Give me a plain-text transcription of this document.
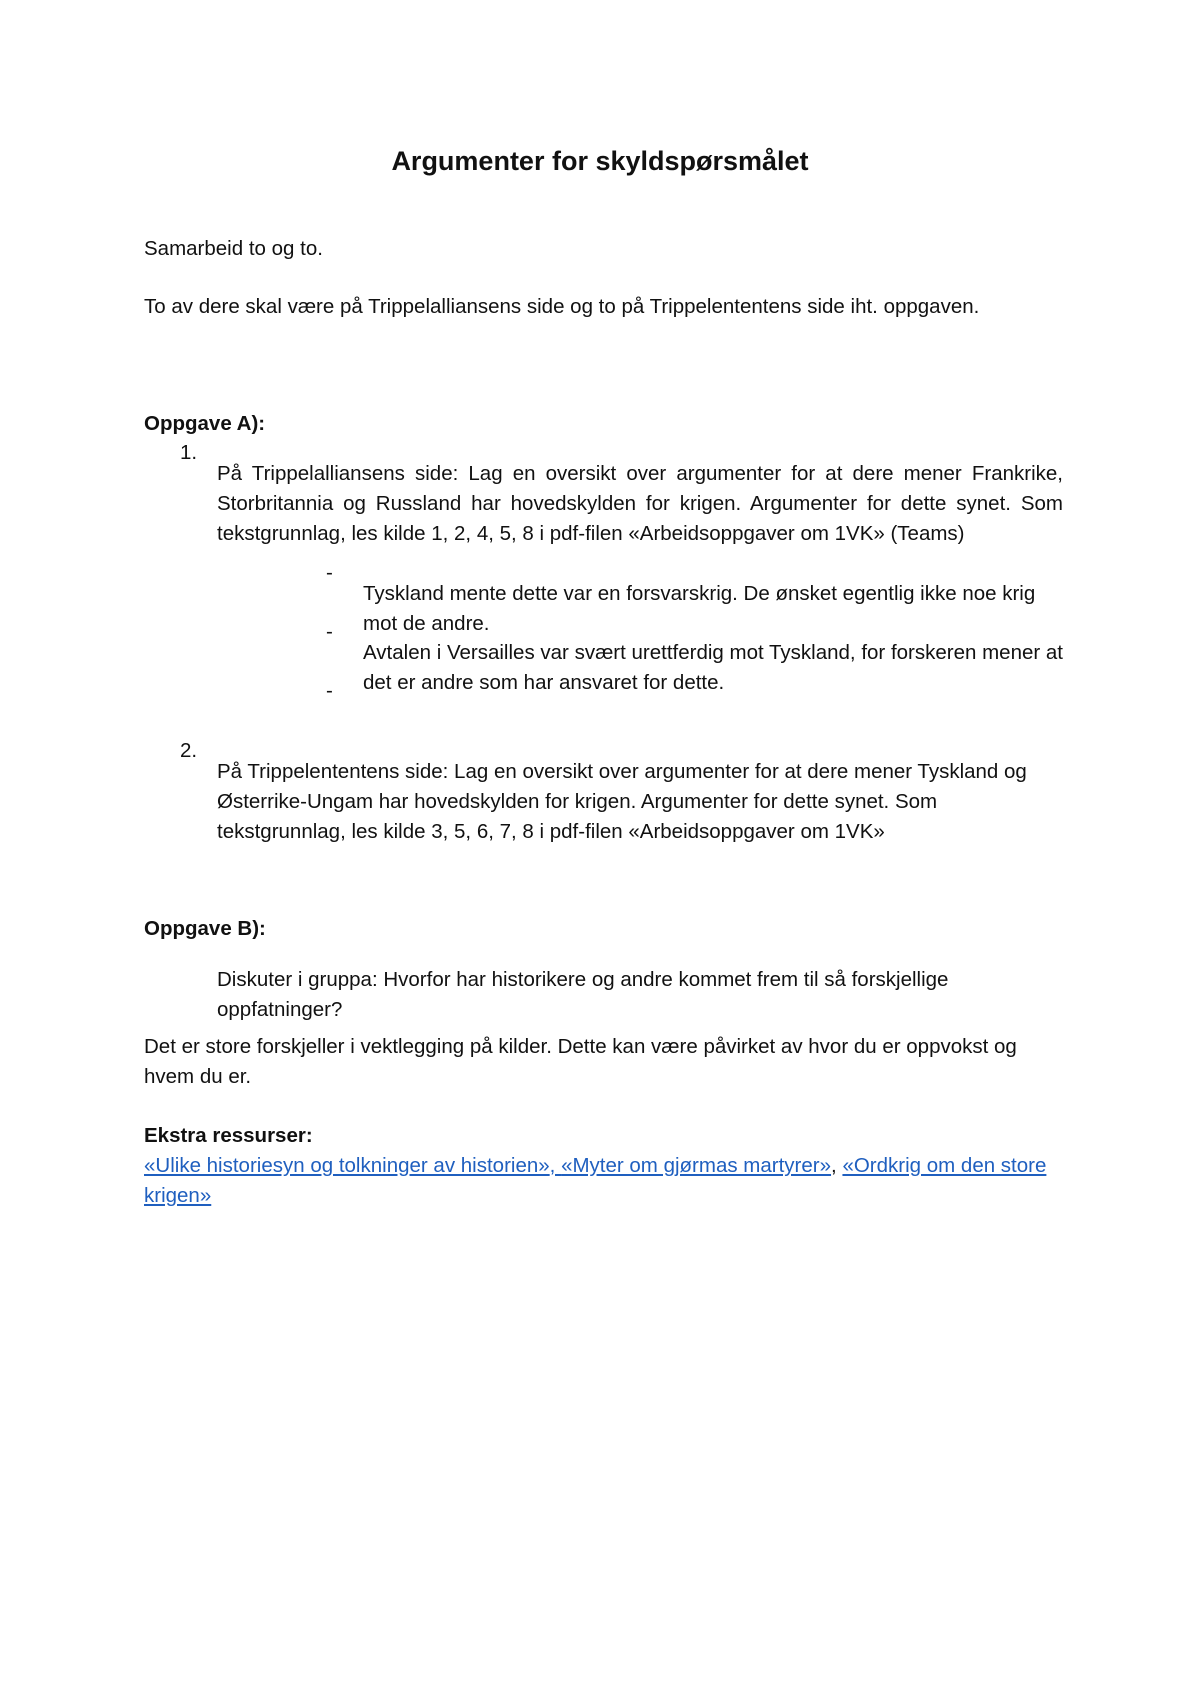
Argumenter for skyldspørsmålet

Samarbeid to og to.

To av dere skal være på Trippelalliansens side og to på Trippelententens side iht. oppgaven.

Oppgave A):

1.

På Trippelalliansens side: Lag en oversikt over argumenter for at dere mener Frankrike, Storbritannia og Russland har hovedskylden for krigen. Argumenter for dette synet. Som tekstgrunnlag, les kilde 1, 2, 4, 5, 8 i pdf-filen «Arbeidsoppgaver om 1VK» (Teams)

-

Tyskland mente dette var en forsvarskrig. De ønsket egentlig ikke noe krig mot de andre.

-

Avtalen i Versailles var svært urettferdig mot Tyskland, for forskeren mener at det er andre som har ansvaret for dette.

-

2.

På Trippelententens side: Lag en oversikt over argumenter for at dere mener Tyskland og Østerrike-Ungam har hovedskylden for krigen. Argumenter for dette synet. Som tekstgrunnlag, les kilde 3, 5, 6, 7, 8 i pdf-filen «Arbeidsoppgaver om 1VK»

Oppgave B):

Diskuter i gruppa: Hvorfor har historikere og andre kommet frem til så forskjellige oppfatninger?

Det er store forskjeller i vektlegging på kilder. Dette kan være påvirket av hvor du er oppvokst og hvem du er.

Ekstra ressurser:

«Ulike historiesyn og tolkninger av historien», «Myter om gjørmas martyrer», «Ordkrig om den store krigen»
